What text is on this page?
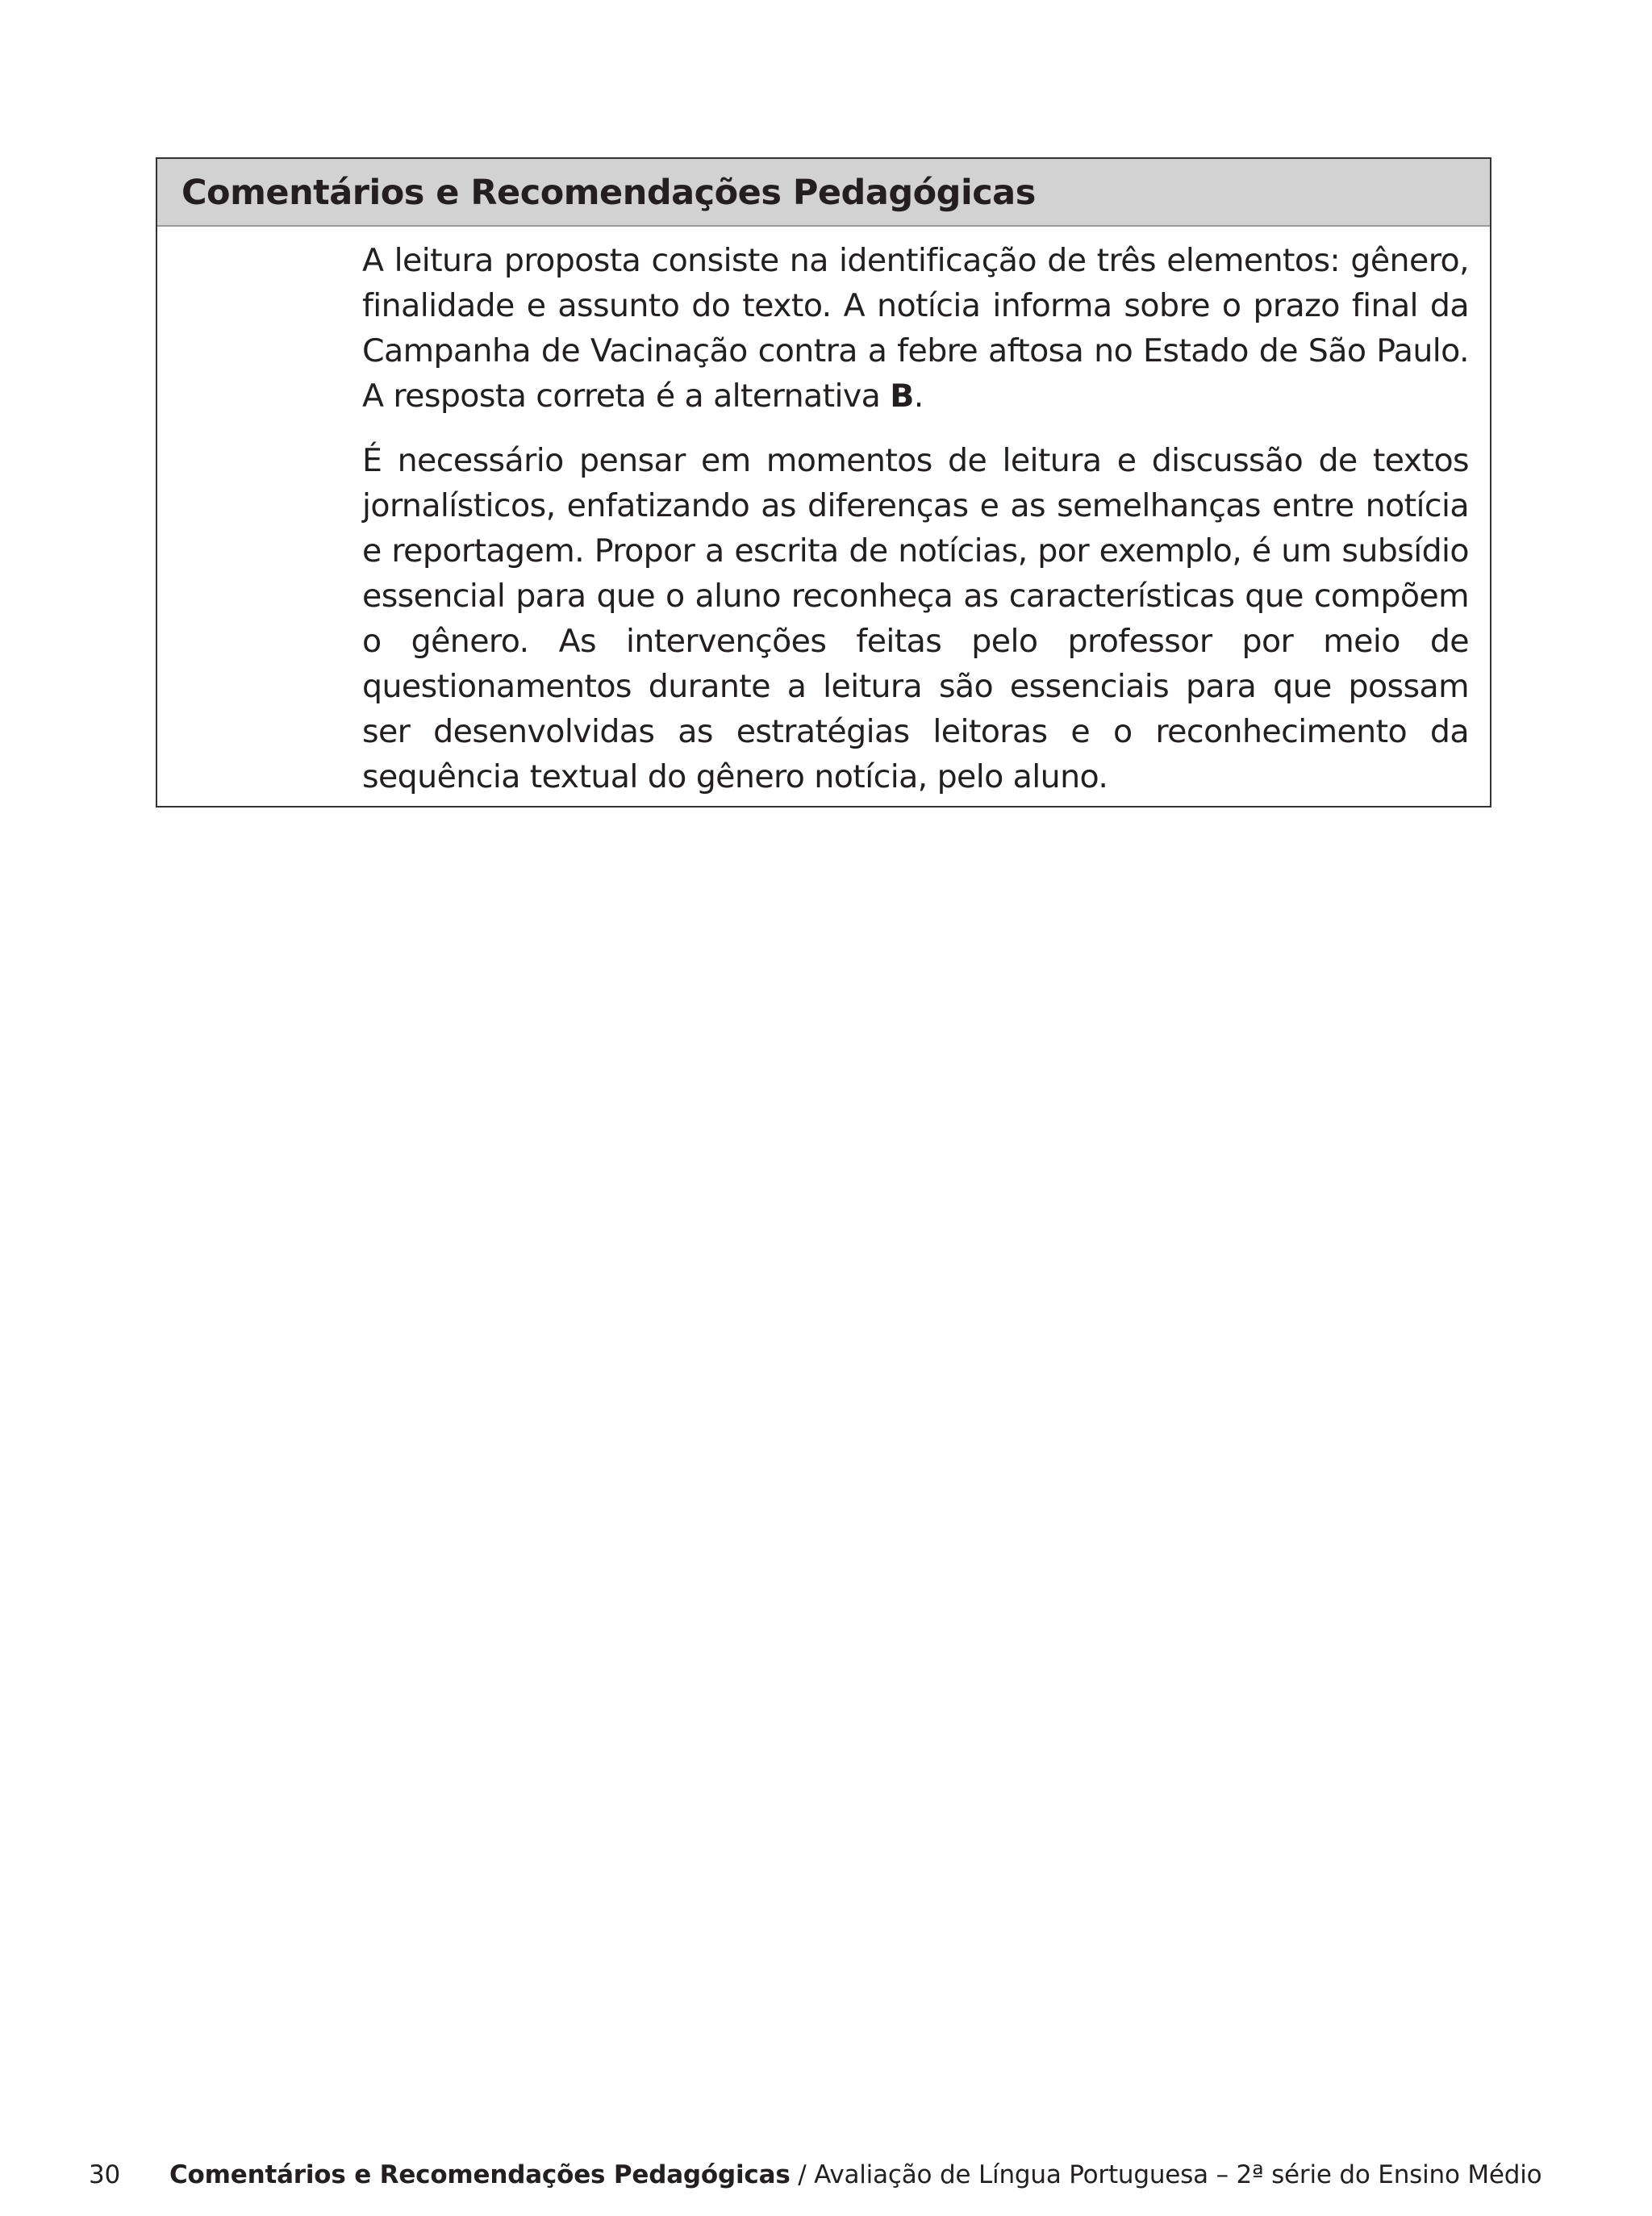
Comentários e Recomendações Pedagógicas

A leitura proposta consiste na identificação de três elementos: gênero, finalidade e assunto do texto. A notícia informa sobre o prazo final da Campanha de Vacinação contra a febre aftosa no Estado de São Paulo. A resposta correta é a alternativa B.

É necessário pensar em momentos de leitura e discussão de textos jornalísticos, enfatizando as diferenças e as semelhanças entre notícia e reportagem. Propor a escrita de notícias, por exemplo, é um subsídio essencial para que o aluno reconheça as características que compõem o gênero. As intervenções feitas pelo professor por meio de questionamentos durante a leitura são essenciais para que possam ser desenvolvidas as estratégias leitoras e o reconhecimento da sequência textual do gênero notícia, pelo aluno.

30 Comentários e Recomendações Pedagógicas / Avaliação de Língua Portuguesa – 2ª série do Ensino Médio
